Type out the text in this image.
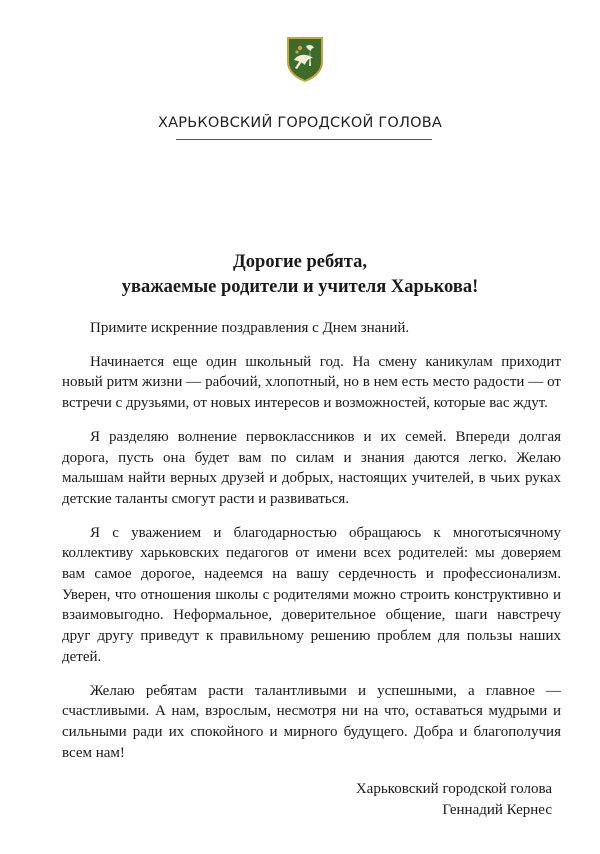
ХАРЬКОВСКИЙ ГОРОДСКОЙ ГОЛОВА
Дорогие ребята,
уважаемые родители и учителя Харькова!

Примите искренние поздравления с Днем знаний.

Начинается еще один школьный год. На смену каникулам приходит новый ритм жизни — рабочий, хлопотный, но в нем есть место радости — от встречи с друзьями, от новых интересов и возможностей, которые вас ждут.

Я разделяю волнение первоклассников и их семей. Впереди долгая дорога, пусть она будет вам по силам и знания даются легко. Желаю малышам найти верных друзей и добрых, настоящих учителей, в чьих руках детские таланты смогут расти и развиваться.

Я с уважением и благодарностью обращаюсь к многотысячному коллективу харьковских педагогов от имени всех родителей: мы доверяем вам самое дорогое, надеемся на вашу сердечность и профессионализм. Уверен, что отношения школы с родителями можно строить конструктивно и взаимовыгодно. Неформальное, доверительное общение, шаги навстречу друг другу приведут к правильному решению проблем для пользы наших детей.

Желаю ребятам расти талантливыми и успешными, а главное — счастливыми. А нам, взрослым, несмотря ни на что, оставаться мудрыми и сильными ради их спокойного и мирного будущего. Добра и благополучия всем нам!

Харьковский городской голова
Геннадий Кернес
